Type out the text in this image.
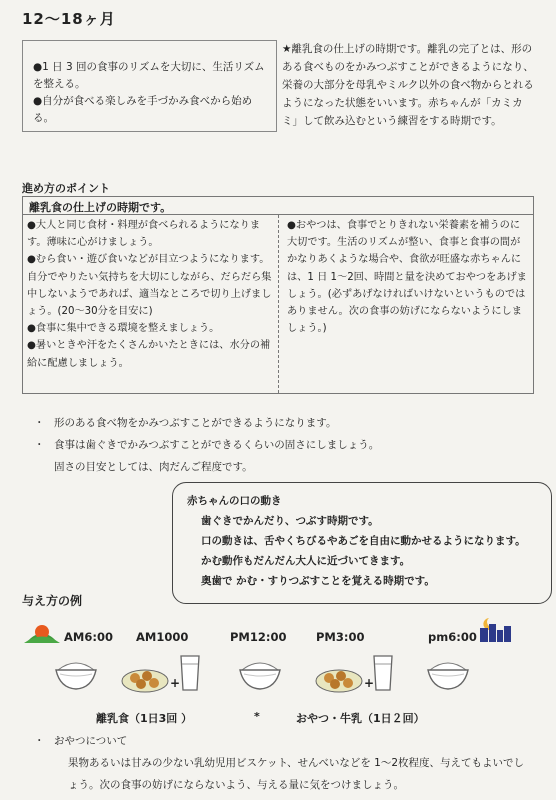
12～18ヶ月

●1 日 3 回の食事のリズムを大切に、生活リズムを整える。

●自分が食べる楽しみを手づかみ食べから始める。

★離乳食の仕上げの時期です。離乳の完了とは、形のある食べものをかみつぶすことができるようになり、栄養の大部分を母乳やミルク以外の食べ物からとれるようになった状態をいいます。赤ちゃんが「カミカミ」して飲み込むという練習をする時期です。
進め方のポイント
離乳食の仕上げの時期です。
●大人と同じ食材・料理が食べられるようになります。薄味に心がけましょう。
●むら食い・遊び食いなどが目立つようになります。自分でやりたい気持ちを大切にしながら、だらだら集中しないようであれば、適当なところで切り上げましょう。(20～30分を目安に)
●食事に集中できる環境を整えましょう。
●暑いときや汗をたくさんかいたときには、水分の補給に配慮しましょう。
●おやつは、食事でとりきれない栄養素を補うのに大切です。生活のリズムが整い、食事と食事の間がかなりあくような場合や、食欲が旺盛な赤ちゃんには、1 日 1～2回、時間と量を決めておやつをあげましょう。(必ずあげなければいけないというものではありません。次の食事の妨げにならないようにしましょう。)
・ 形のある食べ物をかみつぶすことができるようになります。
・ 食事は歯ぐきでかみつぶすことができるくらいの固さにしましょう。
固さの目安としては、肉だんご程度です。
赤ちゃんの口の動き
歯ぐきでかんだり、つぶす時期です。
口の動きは、舌やくちびるやあごを自由に動かせるようになります。
かむ動作もだんだん大人に近づいてきます。
奥歯で かむ・すりつぶすことを覚える時期です。
与え方の例
AM6:00 AM1000	PM12:00	PM3:00	pm6:00
+	+
離乳食（1日3回 ）	*	おやつ・牛乳（1日２回）
・ おやつについて
果物あるいは甘みの少ない乳幼児用ビスケット、せんべいなどを 1～2枚程度、与えてもよいでしょう。次の食事の妨げにならないよう、与える量に気をつけましょう。
